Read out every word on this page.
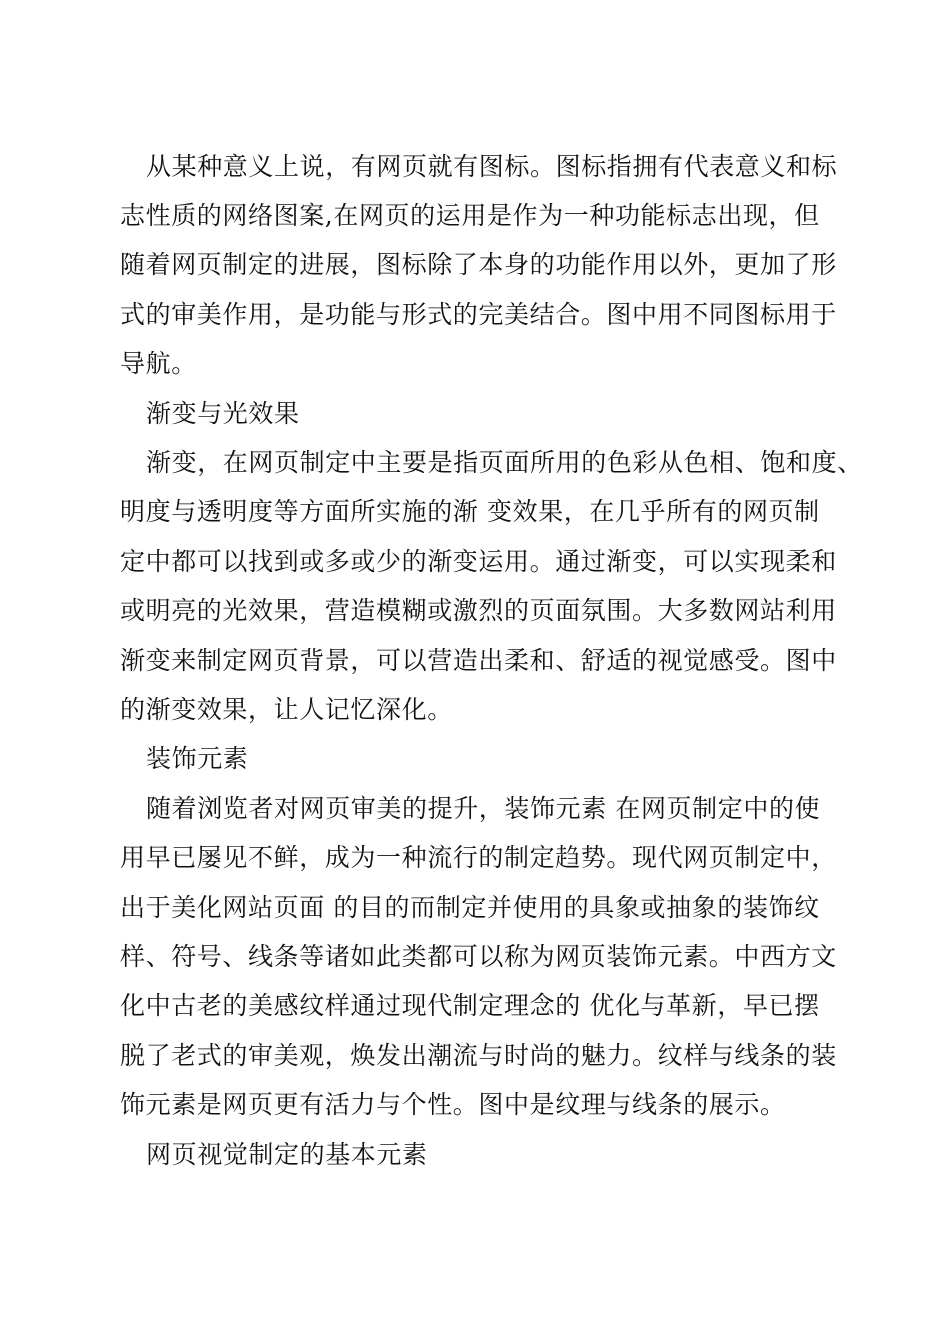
从某种意义上说，有网页就有图标。图标指拥有代表意义和标
志性质的网络图案,在网页的运用是作为一种功能标志出现，但
随着网页制定的进展，图标除了本身的功能作用以外，更加了形
式的审美作用，是功能与形式的完美结合。图中用不同图标用于
导航。
渐变与光效果
渐变，在网页制定中主要是指页面所用的色彩从色相、饱和度、
明度与透明度等方面所实施的渐 变效果，在几乎所有的网页制
定中都可以找到或多或少的渐变运用。通过渐变，可以实现柔和
或明亮的光效果，营造模糊或激烈的页面氛围。大多数网站利用
渐变来制定网页背景，可以营造出柔和、舒适的视觉感受。图中
的渐变效果，让人记忆深化。
装饰元素
随着浏览者对网页审美的提升，装饰元素 在网页制定中的使
用早已屡见不鲜，成为一种流行的制定趋势。现代网页制定中，
出于美化网站页面 的目的而制定并使用的具象或抽象的装饰纹
样、符号、线条等诸如此类都可以称为网页装饰元素。中西方文
化中古老的美感纹样通过现代制定理念的 优化与革新，早已摆
脱了老式的审美观，焕发出潮流与时尚的魅力。纹样与线条的装
饰元素是网页更有活力与个性。图中是纹理与线条的展示。
网页视觉制定的基本元素
